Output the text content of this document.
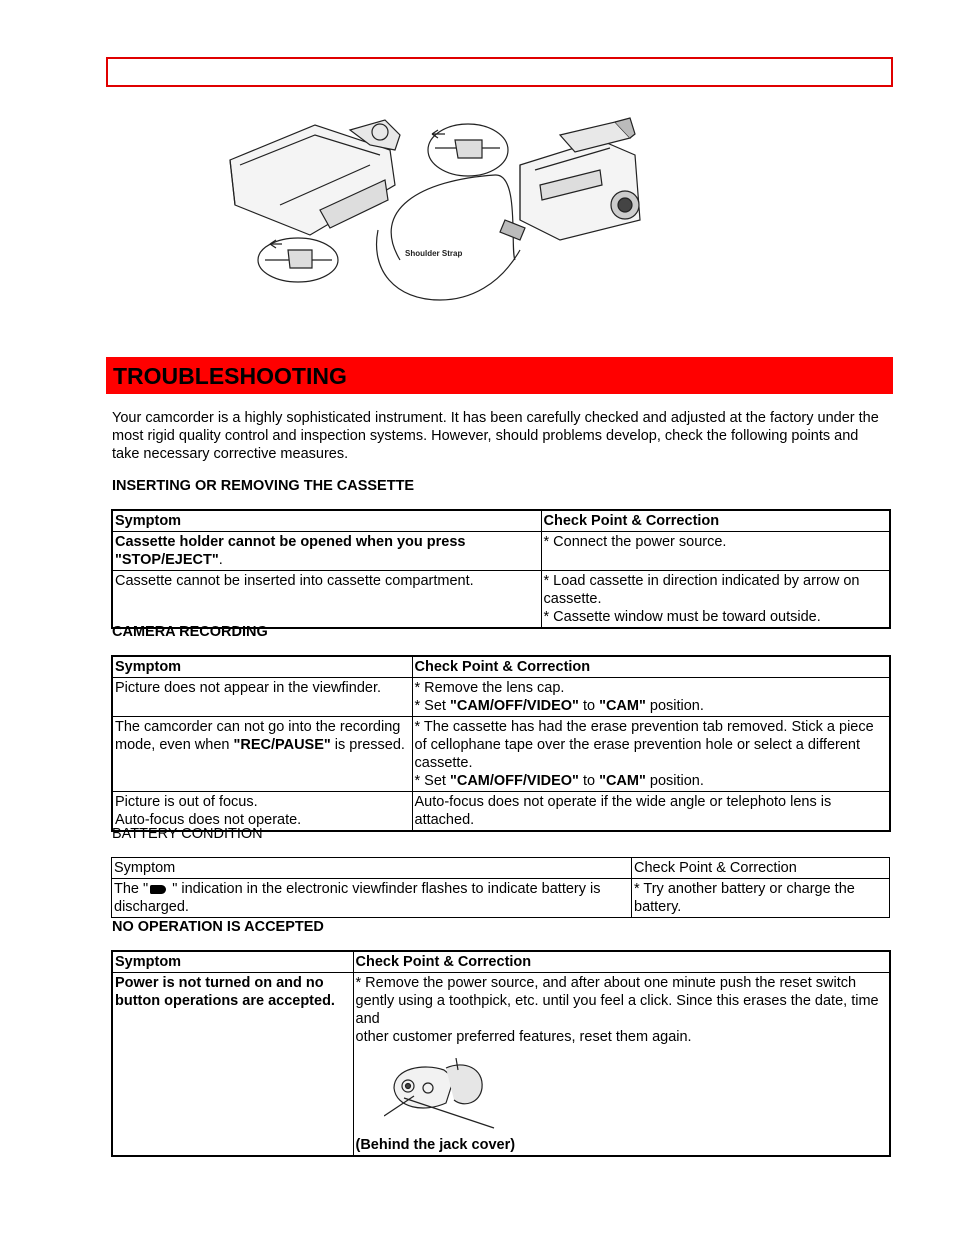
Shoulder Strap
TROUBLESHOOTING
Your camcorder is a highly sophisticated instrument. It has been carefully checked and adjusted at the factory under the most rigid quality control and inspection systems. However, should problems develop, check the following points and take necessary corrective measures.
INSERTING OR REMOVING THE CASSETTE
Symptom	Check Point & Correction
Cassette holder cannot be opened when you press "STOP/EJECT".	* Connect the power source.

Cassette cannot be inserted into cassette compartment.	* Load cassette in direction indicated by arrow on cassette.
* Cassette window must be toward outside.
CAMERA RECORDING
Symptom	Check Point & Correction
Picture does not appear in the viewfinder.	* Remove the lens cap.
* Set "CAM/OFF/VIDEO" to "CAM" position.

The camcorder can not go into the recording mode, even when "REC/PAUSE" is pressed.	* The cassette has had the erase prevention tab removed. Stick a piece of cellophane tape over the erase prevention hole or select a different cassette.
* Set "CAM/OFF/VIDEO" to "CAM" position.

Picture is out of focus.
Auto-focus does not operate.	Auto-focus does not operate if the wide angle or telephoto lens is attached.
BATTERY CONDITION
Symptom	Check Point & Correction
The " " indication in the electronic viewfinder flashes to indicate battery is discharged.	* Try another battery or charge the battery.
NO OPERATION IS ACCEPTED
Symptom	Check Point & Correction
Power is not turned on and no button operations are accepted.	* Remove the power source, and after about one minute push the reset switch gently using a toothpick, etc. until you feel a click. Since this erases the date, time and
other customer preferred features, reset them again.
(Behind the jack cover)
